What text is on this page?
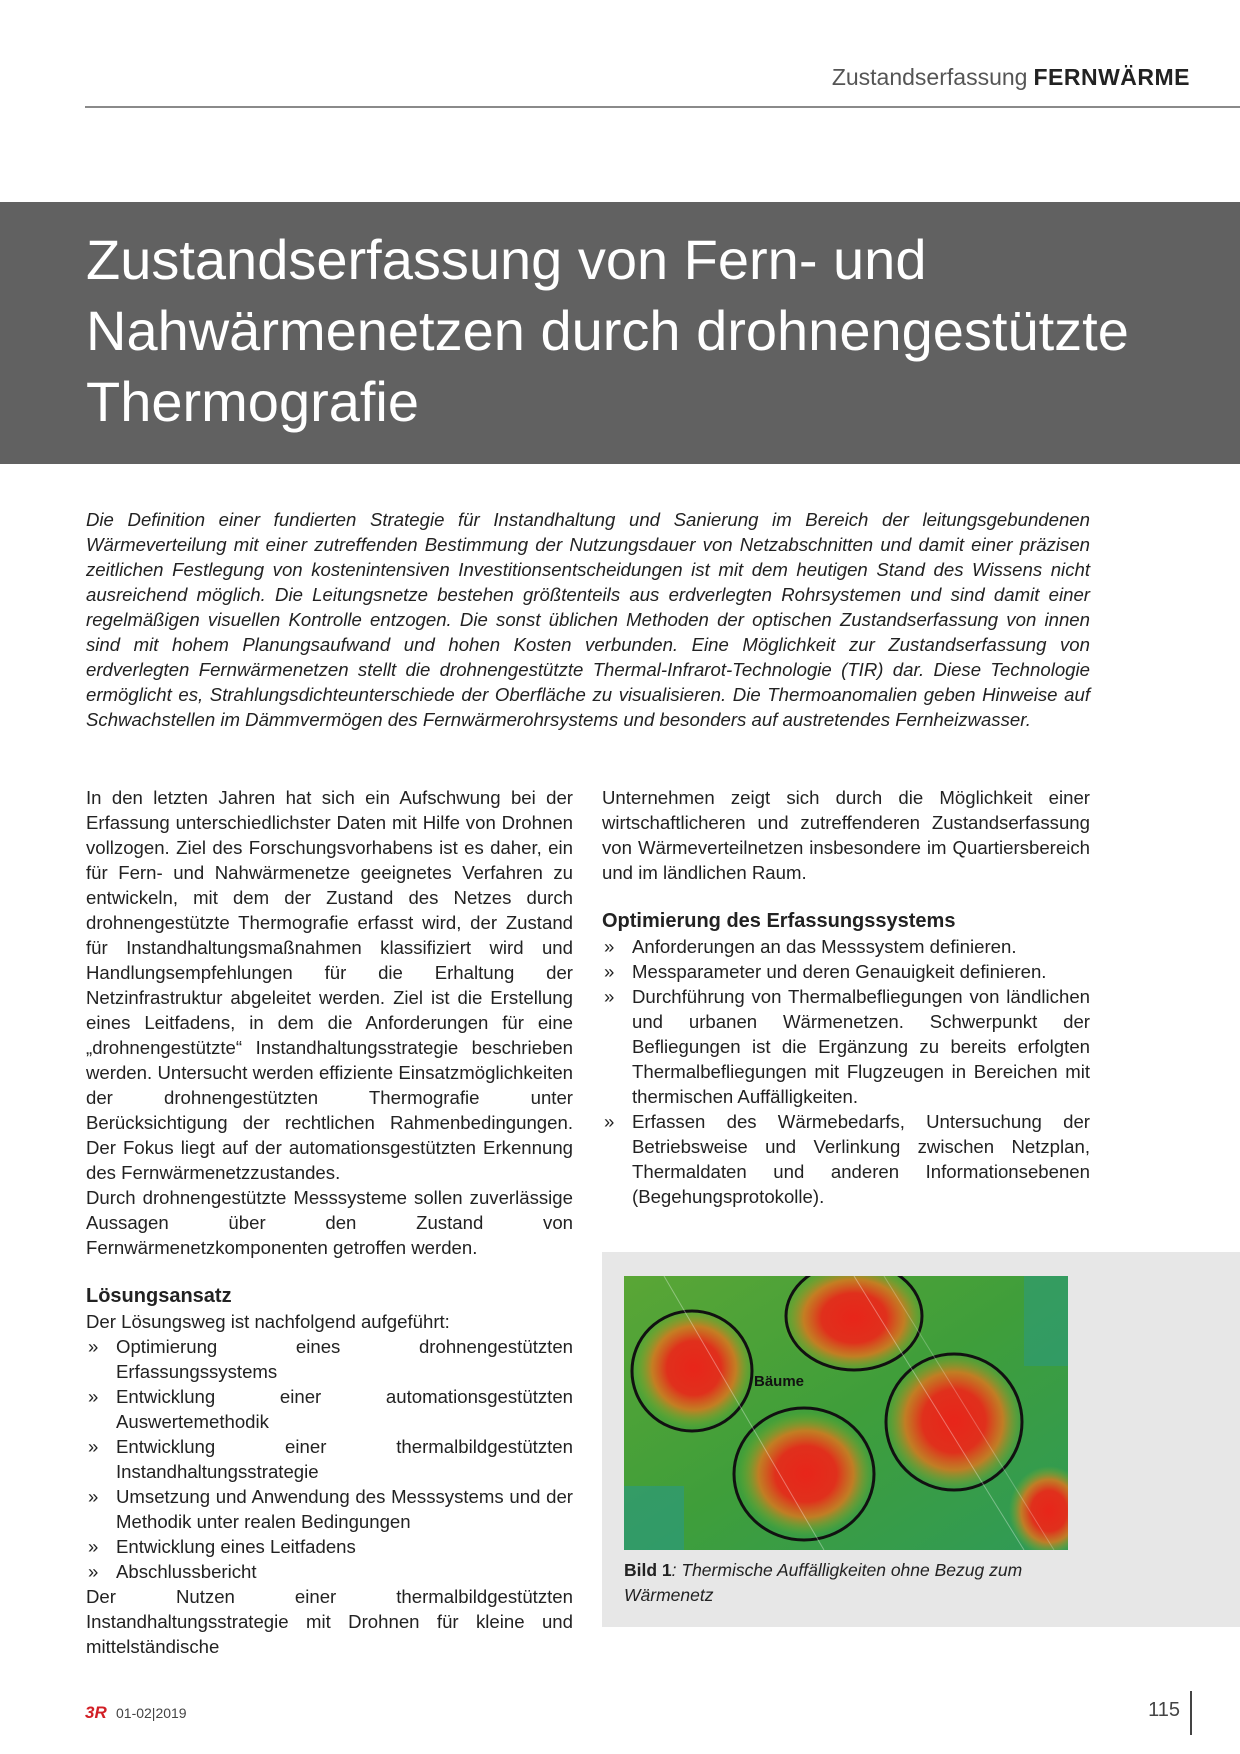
Zustandserfassung FERNWÄRME
Zustandserfassung von Fern- und Nahwärmenetzen durch drohnengestützte Thermografie

Die Definition einer fundierten Strategie für Instandhaltung und Sanierung im Bereich der leitungsgebundenen Wärmeverteilung mit einer zutreffenden Bestimmung der Nutzungsdauer von Netzabschnitten und damit einer präzisen zeitlichen Festlegung von kostenintensiven Investitionsentscheidungen ist mit dem heutigen Stand des Wissens nicht ausreichend möglich. Die Leitungsnetze bestehen größtenteils aus erdverlegten Rohrsystemen und sind damit einer regelmäßigen visuellen Kontrolle entzogen. Die sonst üblichen Methoden der optischen Zustandserfassung von innen sind mit hohem Planungsaufwand und hohen Kosten verbunden. Eine Möglichkeit zur Zustandserfassung von erdverlegten Fernwärmenetzen stellt die drohnengestützte Thermal-Infrarot-Technologie (TIR) dar. Diese Technologie ermöglicht es, Strahlungsdichteunterschiede der Oberfläche zu visualisieren. Die Thermoanomalien geben Hinweise auf Schwachstellen im Dämmvermögen des Fernwärmerohrsystems und besonders auf austretendes Fernheizwasser.

In den letzten Jahren hat sich ein Aufschwung bei der Erfassung unterschiedlichster Daten mit Hilfe von Drohnen vollzogen. Ziel des Forschungsvorhabens ist es daher, ein für Fern- und Nahwärmenetze geeignetes Verfahren zu entwickeln, mit dem der Zustand des Netzes durch drohnengestützte Thermografie erfasst wird, der Zustand für Instandhaltungsmaßnahmen klassifiziert wird und Handlungsempfehlungen für die Erhaltung der Netzinfrastruktur abgeleitet werden. Ziel ist die Erstellung eines Leitfadens, in dem die Anforderungen für eine „drohnengestützte“ Instandhaltungsstrategie beschrieben werden. Untersucht werden effiziente Einsatzmöglichkeiten der drohnengestützten Thermografie unter Berücksichtigung der rechtlichen Rahmenbedingungen. Der Fokus liegt auf der automationsgestützten Erkennung des Fernwärmenetzzustandes.

Durch drohnengestützte Messsysteme sollen zuverlässige Aussagen über den Zustand von Fernwärmenetzkomponenten getroffen werden.

Lösungsansatz

Der Lösungsweg ist nachfolgend aufgeführt:

» Optimierung eines drohnengestützten Erfassungssystems
» Entwicklung einer automationsgestützten Auswertemethodik
» Entwicklung einer thermalbildgestützten Instandhaltungsstrategie
» Umsetzung und Anwendung des Messsystems und der Methodik unter realen Bedingungen
» Entwicklung eines Leitfadens
» Abschlussbericht

Der Nutzen einer thermalbildgestützten Instandhaltungsstrategie mit Drohnen für kleine und mittelständische

Unternehmen zeigt sich durch die Möglichkeit einer wirtschaftlicheren und zutreffenderen Zustandserfassung von Wärmeverteilnetzen insbesondere im Quartiersbereich und im ländlichen Raum.

Optimierung des Erfassungssystems
» Anforderungen an das Messsystem definieren.
» Messparameter und deren Genauigkeit definieren.
» Durchführung von Thermalbefliegungen von ländlichen und urbanen Wärmenetzen. Schwerpunkt der Befliegungen ist die Ergänzung zu bereits erfolgten Thermalbefliegungen mit Flugzeugen in Bereichen mit thermischen Auffälligkeiten.
» Erfassen des Wärmebedarfs, Untersuchung der Betriebsweise und Verlinkung zwischen Netzplan, Thermaldaten und anderen Informationsebenen (Begehungsprotokolle).
Bäume
Bild 1: Thermische Auffälligkeiten ohne Bezug zum Wärmenetz
3R 01-02|2019	115
